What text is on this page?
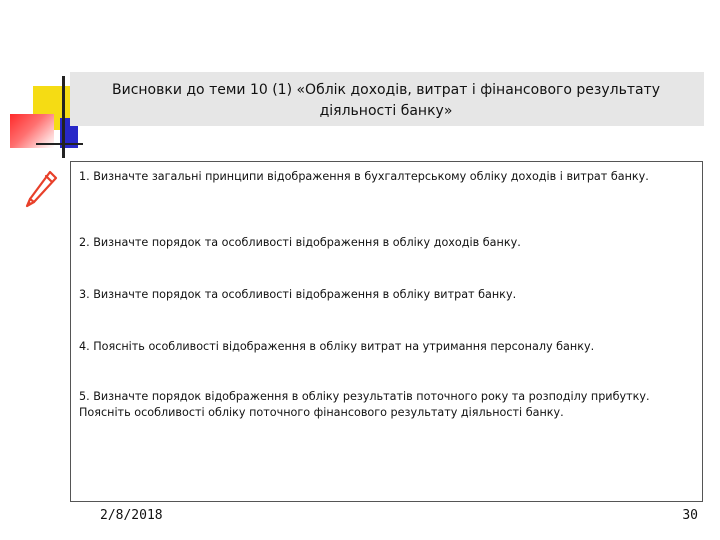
Висновки до теми 10 (1) «Облік доходів, витрат і фінансового результату діяльності банку»

1. Визначте загальні принципи відображення в бухгалтерському обліку доходів і витрат банку.

2. Визначте порядок та особливості відображення в обліку доходів банку.

3. Визначте порядок та особливості відображення в обліку витрат банку.

4. Поясніть особливості відображення в обліку витрат на утримання персоналу банку.

5. Визначте порядок відображення в обліку результатів поточного року та розподілу прибутку. Поясніть особливості обліку поточного фінансового результату діяльності банку.

2/8/2018	30
